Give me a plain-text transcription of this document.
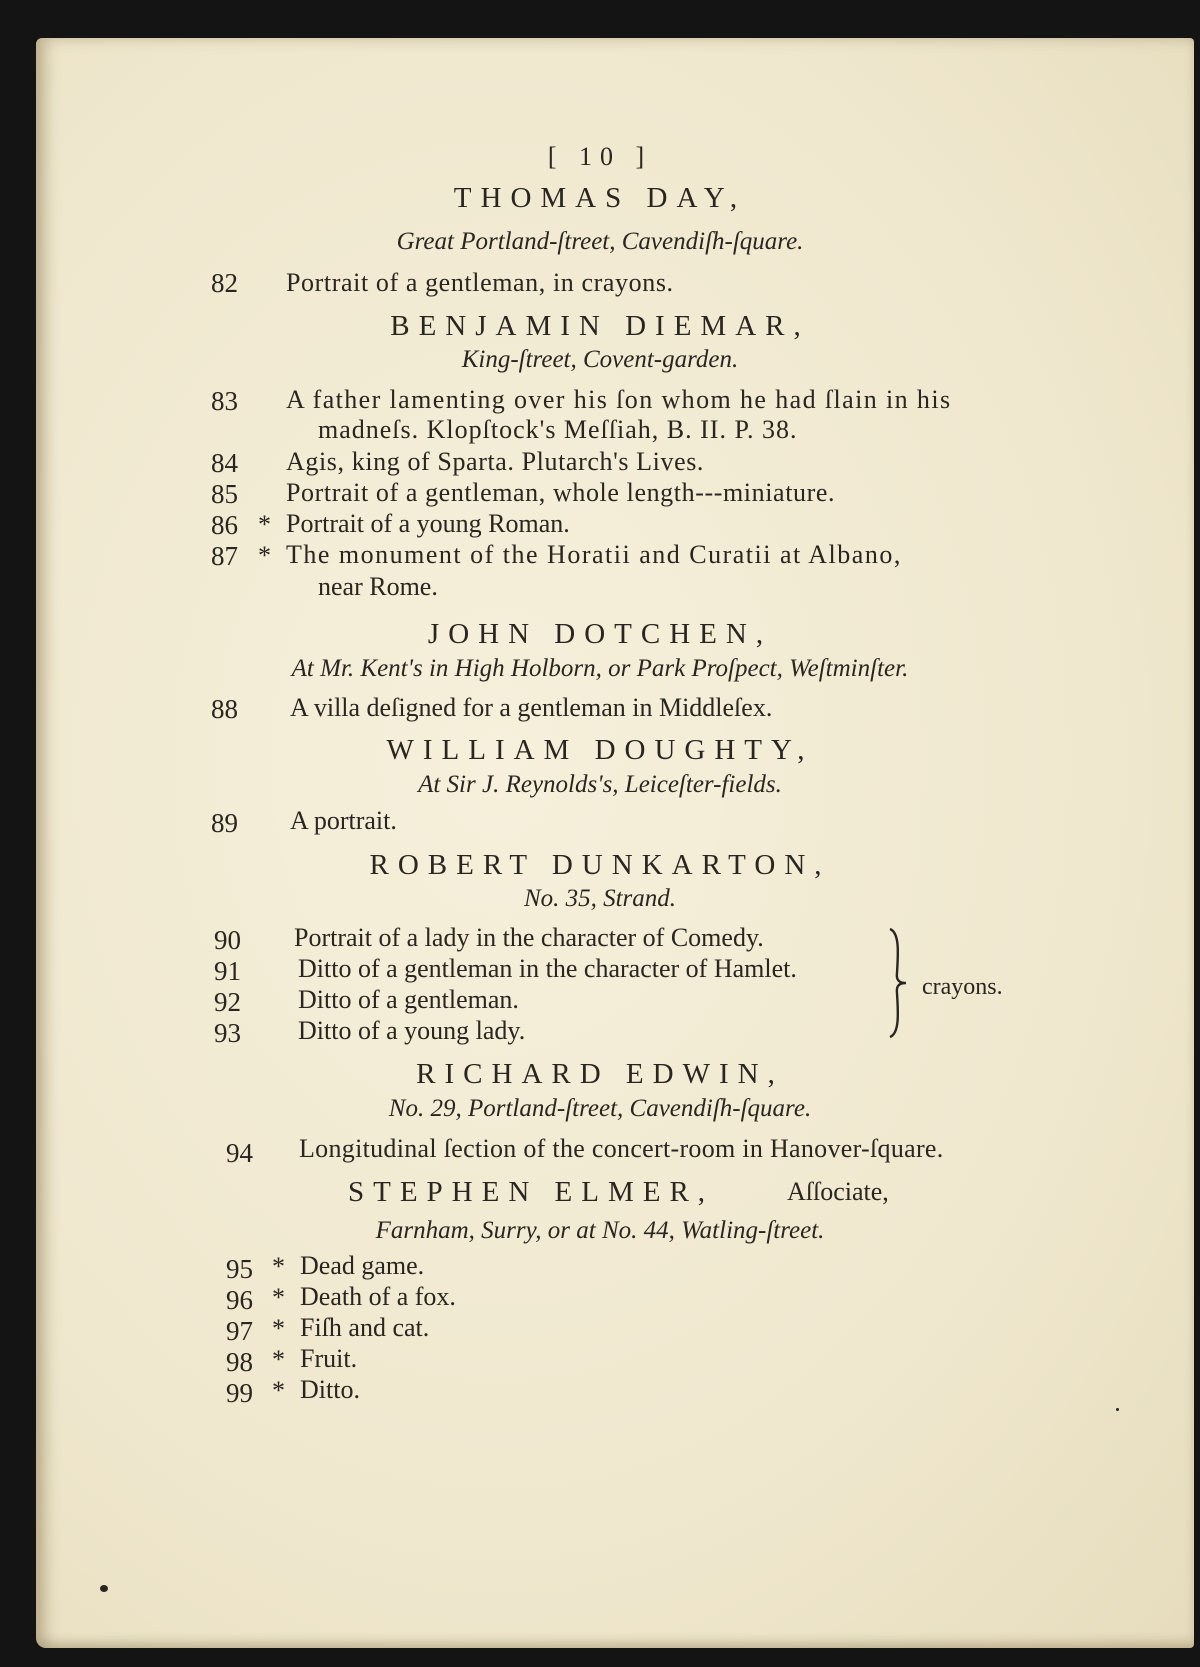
[ 10 ]
THOMAS DAY,
Great Portland-ſtreet, Cavendiſh-ſquare.
82	Portrait of a gentleman, in crayons.
BENJAMIN DIEMAR,
King-ſtreet, Covent-garden.
83	A father lamenting over his ſon whom he had ſlain in his
madneſs. Klopſtock's Meſſiah, B. II. P. 38.
84	Agis, king of Sparta. Plutarch's Lives.
85	Portrait of a gentleman, whole length---miniature.
86 * Portrait of a young Roman.
87 * The monument of the Horatii and Curatii at Albano,
near Rome.
JOHN DOTCHEN,
At Mr. Kent's in High Holborn, or Park Proſpect, Weſtminſter.
88	A villa deſigned for a gentleman in Middleſex.
WILLIAM DOUGHTY,
At Sir J. Reynolds's, Leiceſter-fields.
89	A portrait.
ROBERT DUNKARTON,
No. 35, Strand.
90	Portrait of a lady in the character of Comedy.
91	Ditto of a gentleman in the character of Hamlet.
92	Ditto of a gentleman.
93	Ditto of a young lady.
crayons.
RICHARD EDWIN,
No. 29, Portland-ſtreet, Cavendiſh-ſquare.
94	Longitudinal ſection of the concert-room in Hanover-ſquare.
STEPHEN ELMER,	Aſſociate,
Farnham, Surry, or at No. 44, Watling-ſtreet.
95 * Dead game.
96 * Death of a fox.
97 * Fiſh and cat.
98 * Fruit.
99 * Ditto.
